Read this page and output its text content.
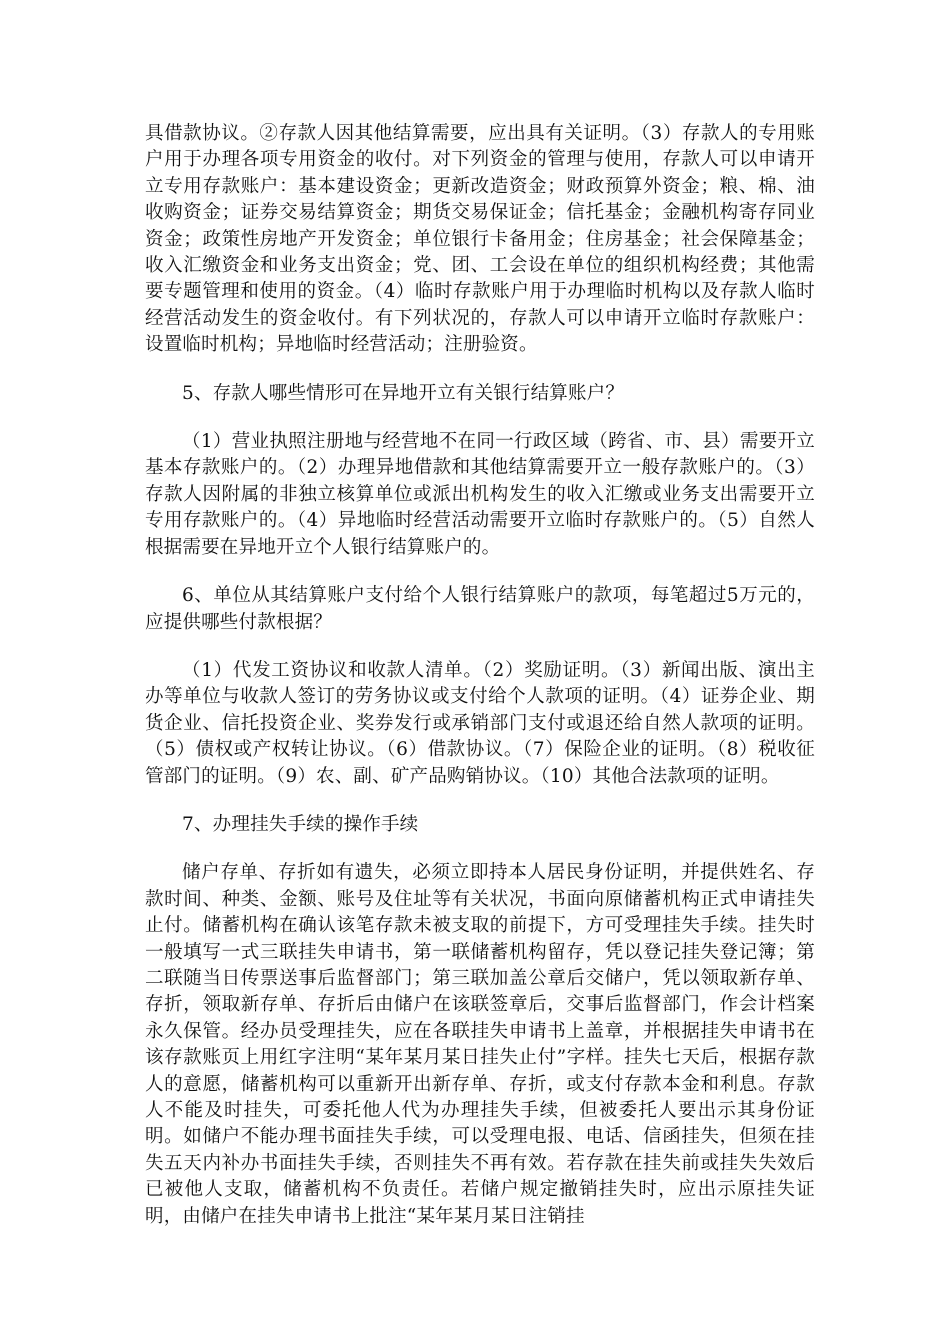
具借款协议。②存款人因其他结算需要，应出具有关证明。（3）存款人的专用账户用于办理各项专用资金的收付。对下列资金的管理与使用，存款人可以申请开立专用存款账户：基本建设资金；更新改造资金；财政预算外资金；粮、棉、油收购资金；证券交易结算资金；期货交易保证金；信托基金；金融机构寄存同业资金；政策性房地产开发资金；单位银行卡备用金；住房基金；社会保障基金；收入汇缴资金和业务支出资金；党、团、工会设在单位的组织机构经费；其他需要专题管理和使用的资金。（4）临时存款账户用于办理临时机构以及存款人临时经营活动发生的资金收付。有下列状况的，存款人可以申请开立临时存款账户：设置临时机构；异地临时经营活动；注册验资。

5、存款人哪些情形可在异地开立有关银行结算账户？

（1）营业执照注册地与经营地不在同一行政区域（跨省、市、县）需要开立基本存款账户的。（2）办理异地借款和其他结算需要开立一般存款账户的。（3）存款人因附属的非独立核算单位或派出机构发生的收入汇缴或业务支出需要开立专用存款账户的。（4）异地临时经营活动需要开立临时存款账户的。（5）自然人根据需要在异地开立个人银行结算账户的。

6、单位从其结算账户支付给个人银行结算账户的款项，每笔超过5万元的，应提供哪些付款根据？

（1）代发工资协议和收款人清单。（2）奖励证明。（3）新闻出版、演出主办等单位与收款人签订的劳务协议或支付给个人款项的证明。（4）证券企业、期货企业、信托投资企业、奖券发行或承销部门支付或退还给自然人款项的证明。（5）债权或产权转让协议。（6）借款协议。（7）保险企业的证明。（8）税收征管部门的证明。（9）农、副、矿产品购销协议。（10）其他合法款项的证明。

7、办理挂失手续的操作手续

储户存单、存折如有遗失，必须立即持本人居民身份证明，并提供姓名、存款时间、种类、金额、账号及住址等有关状况，书面向原储蓄机构正式申请挂失止付。储蓄机构在确认该笔存款未被支取的前提下，方可受理挂失手续。挂失时一般填写一式三联挂失申请书，第一联储蓄机构留存，凭以登记挂失登记簿；第二联随当日传票送事后监督部门；第三联加盖公章后交储户，凭以领取新存单、存折，领取新存单、存折后由储户在该联签章后，交事后监督部门，作会计档案永久保管。经办员受理挂失，应在各联挂失申请书上盖章，并根据挂失申请书在该存款账页上用红字注明“某年某月某日挂失止付”字样。挂失七天后，根据存款人的意愿，储蓄机构可以重新开出新存单、存折，或支付存款本金和利息。存款人不能及时挂失，可委托他人代为办理挂失手续，但被委托人要出示其身份证明。如储户不能办理书面挂失手续，可以受理电报、电话、信函挂失，但须在挂失五天内补办书面挂失手续，否则挂失不再有效。若存款在挂失前或挂失失效后已被他人支取，储蓄机构不负责任。若储户规定撤销挂失时，应出示原挂失证明，由储户在挂失申请书上批注“某年某月某日注销挂
